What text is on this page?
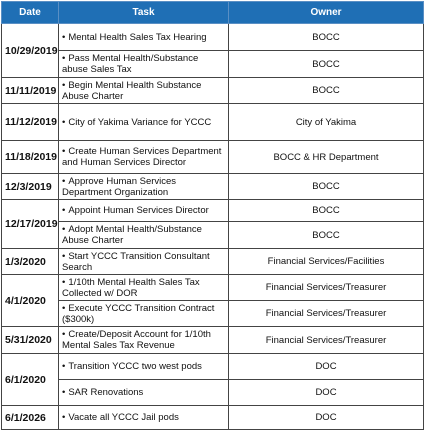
Date	Task	Owner
10/29/2019	• Mental Health Sales Tax Hearing	BOCC
	• Pass Mental Health/Substance abuse Sales Tax	BOCC
11/11/2019	• Begin Mental Health Substance Abuse Charter	BOCC
11/12/2019	• City of Yakima Variance for YCCC	City of Yakima
11/18/2019	• Create Human Services Department and Human Services Director	BOCC & HR Department
12/3/2019	• Approve Human Services Department Organization	BOCC
12/17/2019	• Appoint Human Services Director	BOCC
	• Adopt Mental Health/Substance Abuse Charter	BOCC
1/3/2020	• Start YCCC Transition Consultant Search	Financial Services/Facilities
4/1/2020	• 1/10th Mental Health Sales Tax Collected w/ DOR	Financial Services/Treasurer
	• Execute YCCC Transition Contract ($300k)	Financial Services/Treasurer
5/31/2020	• Create/Deposit Account for 1/10th Mental Sales Tax Revenue	Financial Services/Treasurer
6/1/2020	• Transition YCCC two west pods	DOC
	• SAR Renovations	DOC
6/1/2026	• Vacate all YCCC Jail pods	DOC
